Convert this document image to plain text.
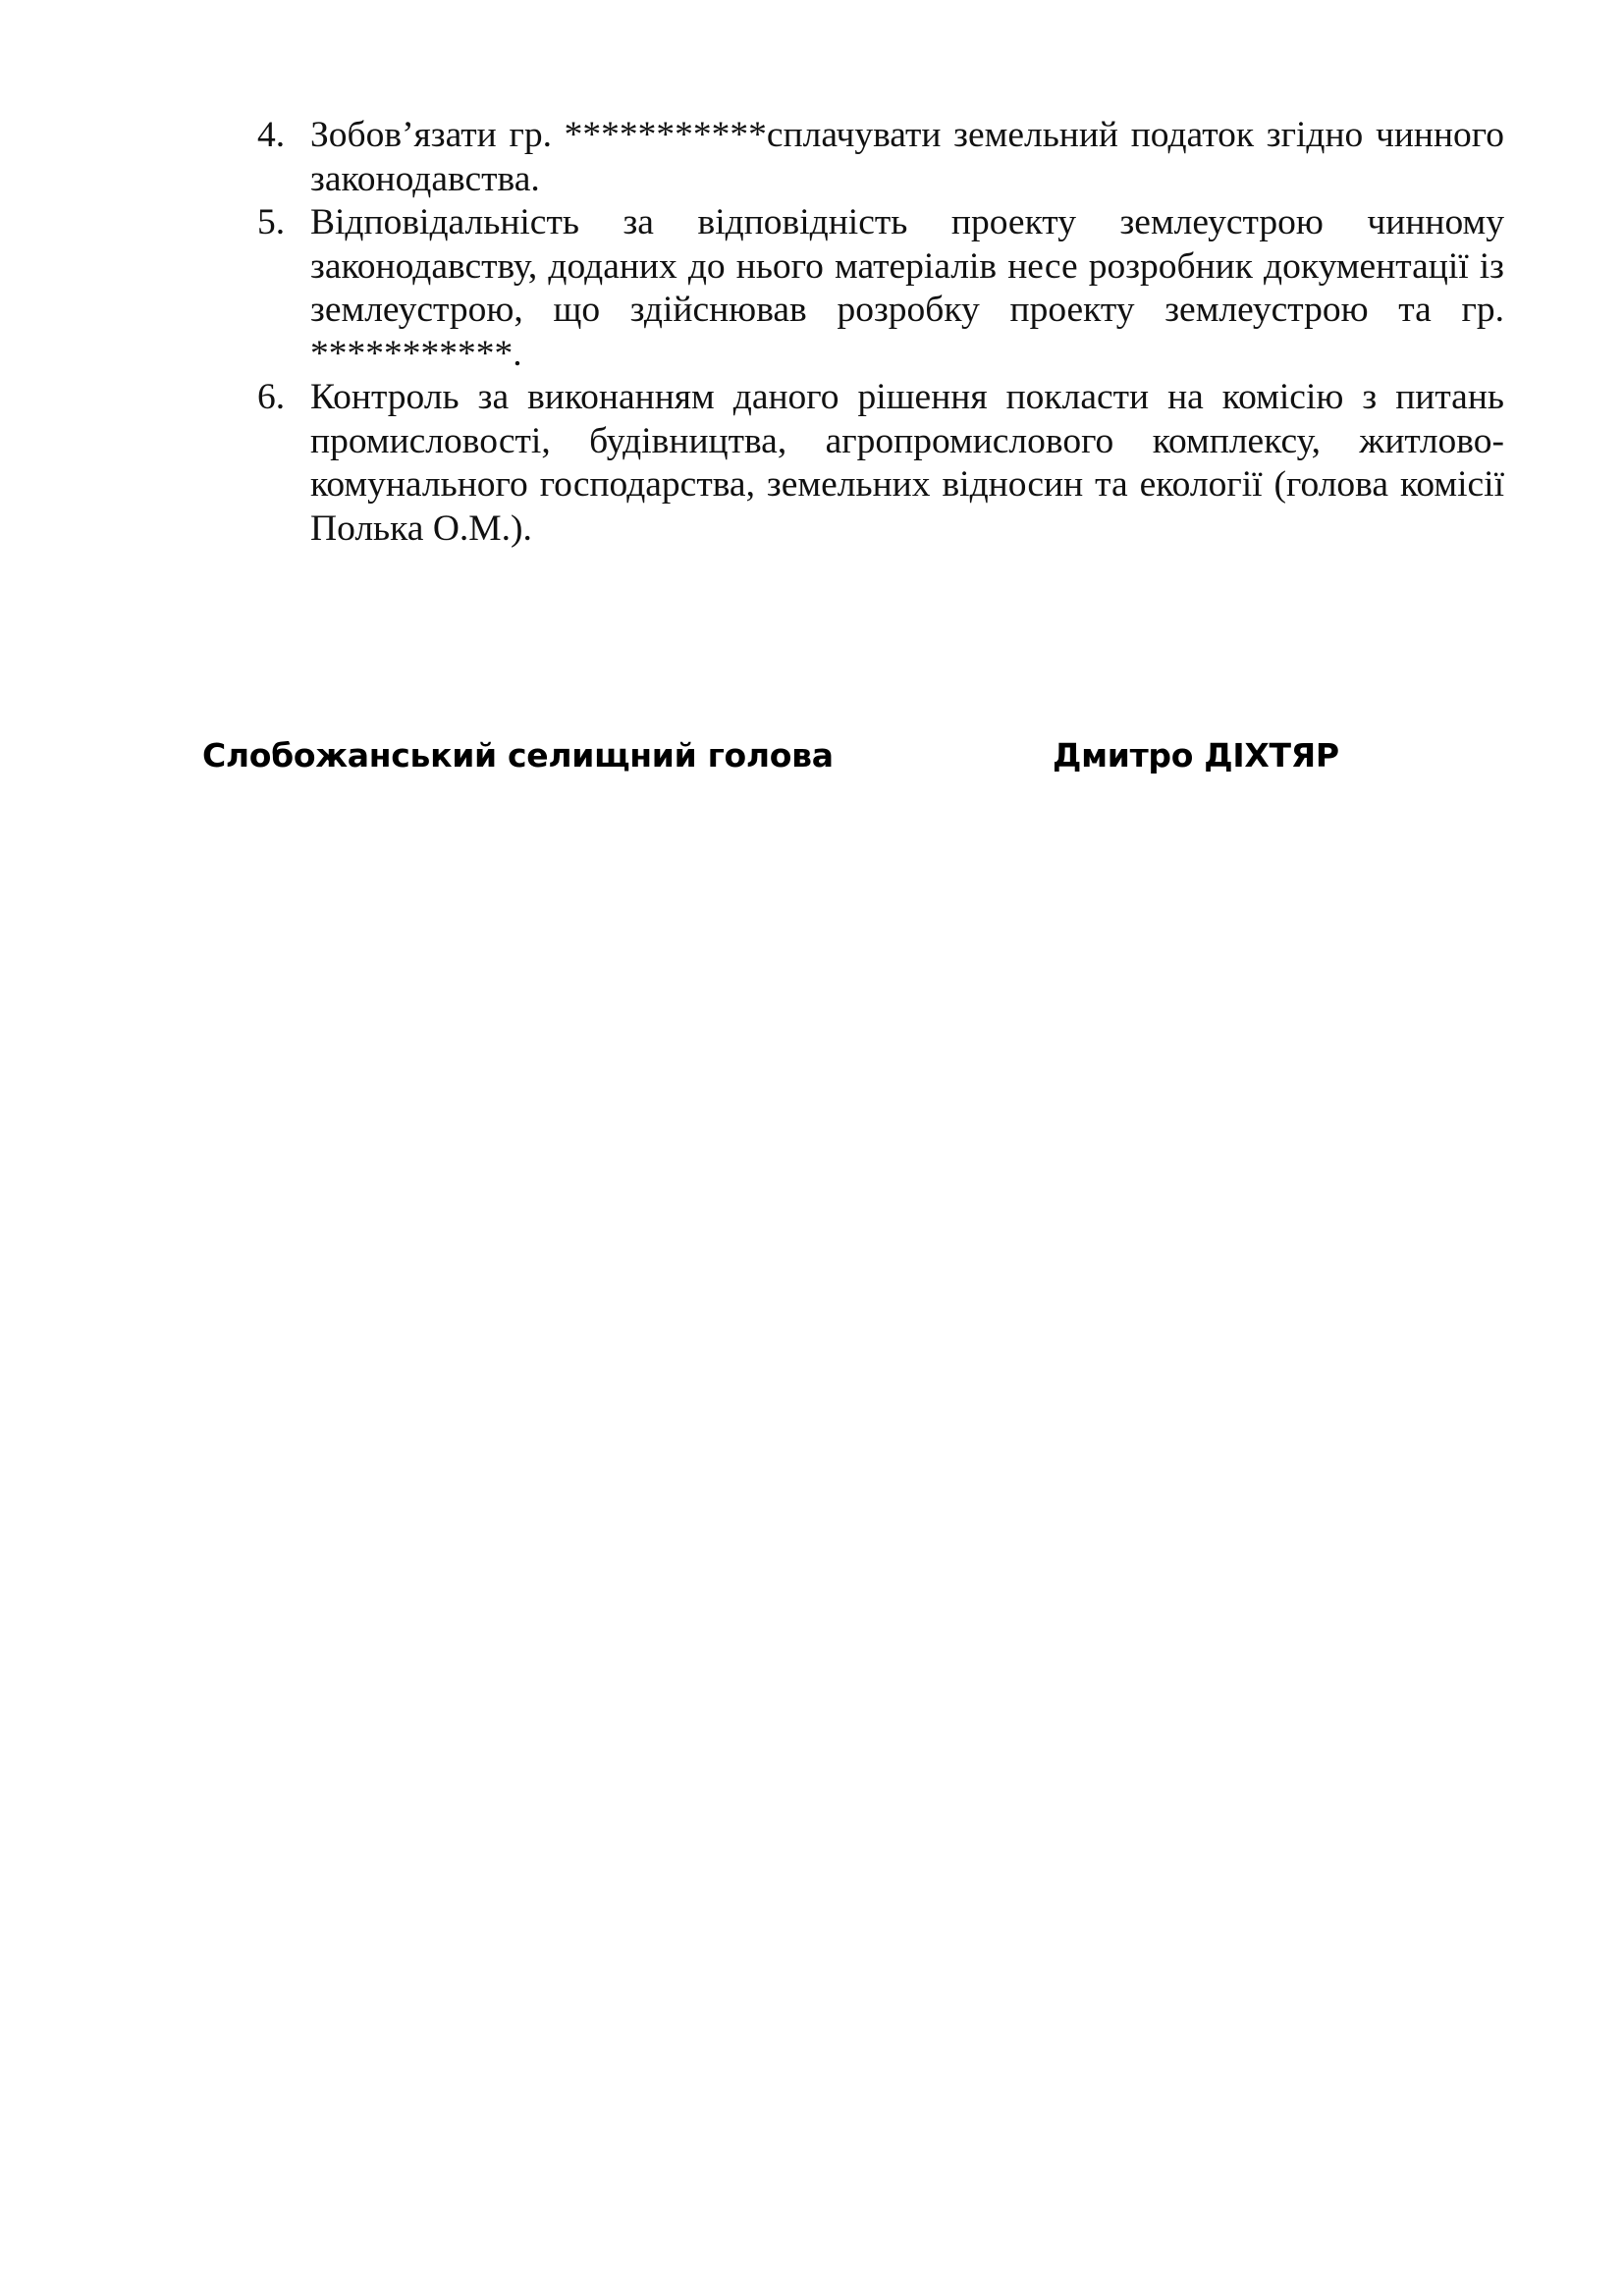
4. Зобов’язати гр. ***********сплачувати земельний податок згідно чинного законодавства.
5. Відповідальність за відповідність проекту землеустрою чинному законодавству, доданих до нього матеріалів несе розробник документації із землеустрою, що здійснював розробку проекту землеустрою та гр. ***********.
6. Контроль за виконанням даного рішення покласти на комісію з питань промисловості, будівництва, агропромислового комплексу, житлово-комунального господарства, земельних відносин та екології (голова комісії Полька О.М.).
Слобожанський селищний голова	Дмитро ДІХТЯР
